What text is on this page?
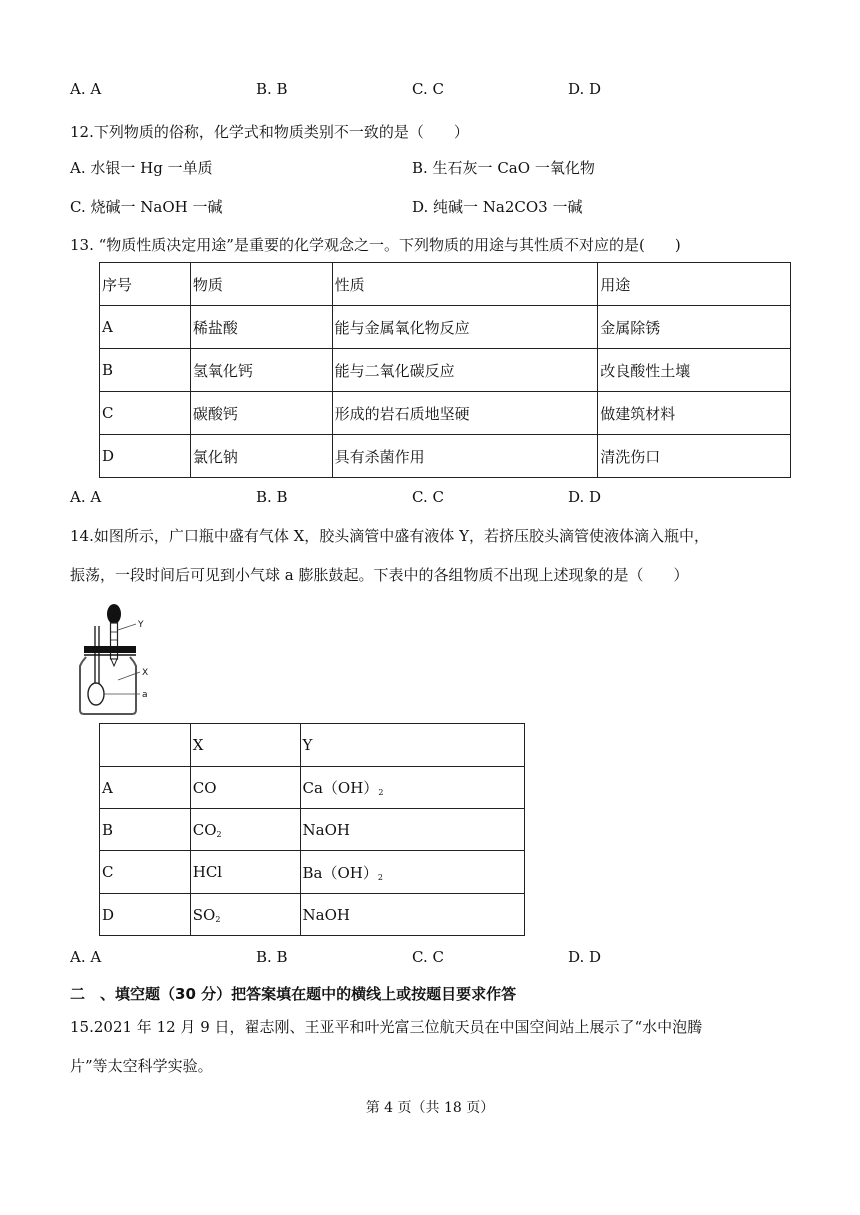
A. A	B. B	C. C	D. D
12.下列物质的俗称，化学式和物质类别不一致的是（　　）
A. 水银一 Hg 一单质	B. 生石灰一 CaO 一氧化物
C. 烧碱一 NaOH 一碱	D. 纯碱一 Na2CO3 一碱
13. “物质性质决定用途”是重要的化学观念之一。下列物质的用途与其性质不对应的是(　　)
序号	物质	性质	用途
A	稀盐酸	能与金属氧化物反应	金属除锈
B	氢氧化钙	能与二氧化碳反应	改良酸性土壤
C	碳酸钙	形成的岩石质地坚硬	做建筑材料
D	氯化钠	具有杀菌作用	清洗伤口
A. A	B. B	C. C	D. D
14.如图所示，广口瓶中盛有气体 X，胶头滴管中盛有液体 Y，若挤压胶头滴管使液体滴入瓶中，
振荡，一段时间后可见到小气球 a 膨胀鼓起。下表中的各组物质不出现上述现象的是（　　）
Y
X
a
	X	Y
A	CO	$Ca(OH)_2$
B	$CO_2$	NaOH
C	HCl	$Ba(OH)_2$
D	$SO_2$	NaOH
A. A	B. B	C. C	D. D
二　、填空题（30 分）把答案填在题中的横线上或按题目要求作答
15.2021 年 12 月 9 日，翟志刚、王亚平和叶光富三位航天员在中国空间站上展示了“水中泡腾
片”等太空科学实验。
第 4 页（共 18 页）
